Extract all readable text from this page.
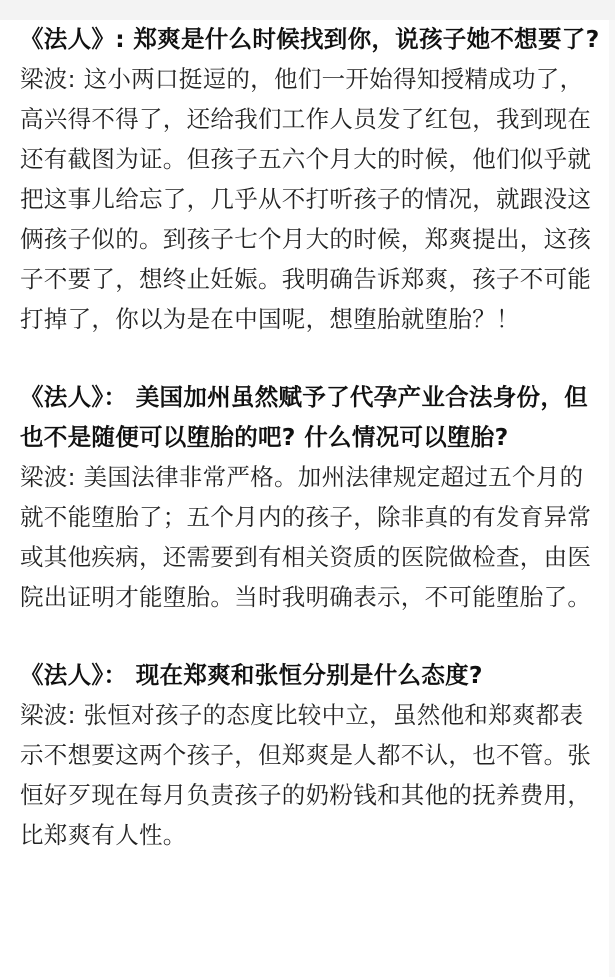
《法人》: 郑爽是什么时候找到你，说孩子她不想要了?

梁波: 这小两口挺逗的，他们一开始得知授精成功了，高兴得不得了，还给我们工作人员发了红包，我到现在还有截图为证。但孩子五六个月大的时候，他们似乎就把这事儿给忘了，几乎从不打听孩子的情况，就跟没这俩孩子似的。到孩子七个月大的时候，郑爽提出，这孩子不要了，想终止妊娠。我明确告诉郑爽，孩子不可能打掉了，你以为是在中国呢，想堕胎就堕胎？！

《法人》： 美国加州虽然赋予了代孕产业合法身份，但也不是随便可以堕胎的吧? 什么情况可以堕胎?

梁波: 美国法律非常严格。加州法律规定超过五个月的就不能堕胎了；五个月内的孩子，除非真的有发育异常或其他疾病，还需要到有相关资质的医院做检查，由医院出证明才能堕胎。当时我明确表示，不可能堕胎了。

《法人》： 现在郑爽和张恒分别是什么态度?

梁波: 张恒对孩子的态度比较中立，虽然他和郑爽都表示不想要这两个孩子，但郑爽是人都不认，也不管。张恒好歹现在每月负责孩子的奶粉钱和其他的抚养费用，比郑爽有人性。
